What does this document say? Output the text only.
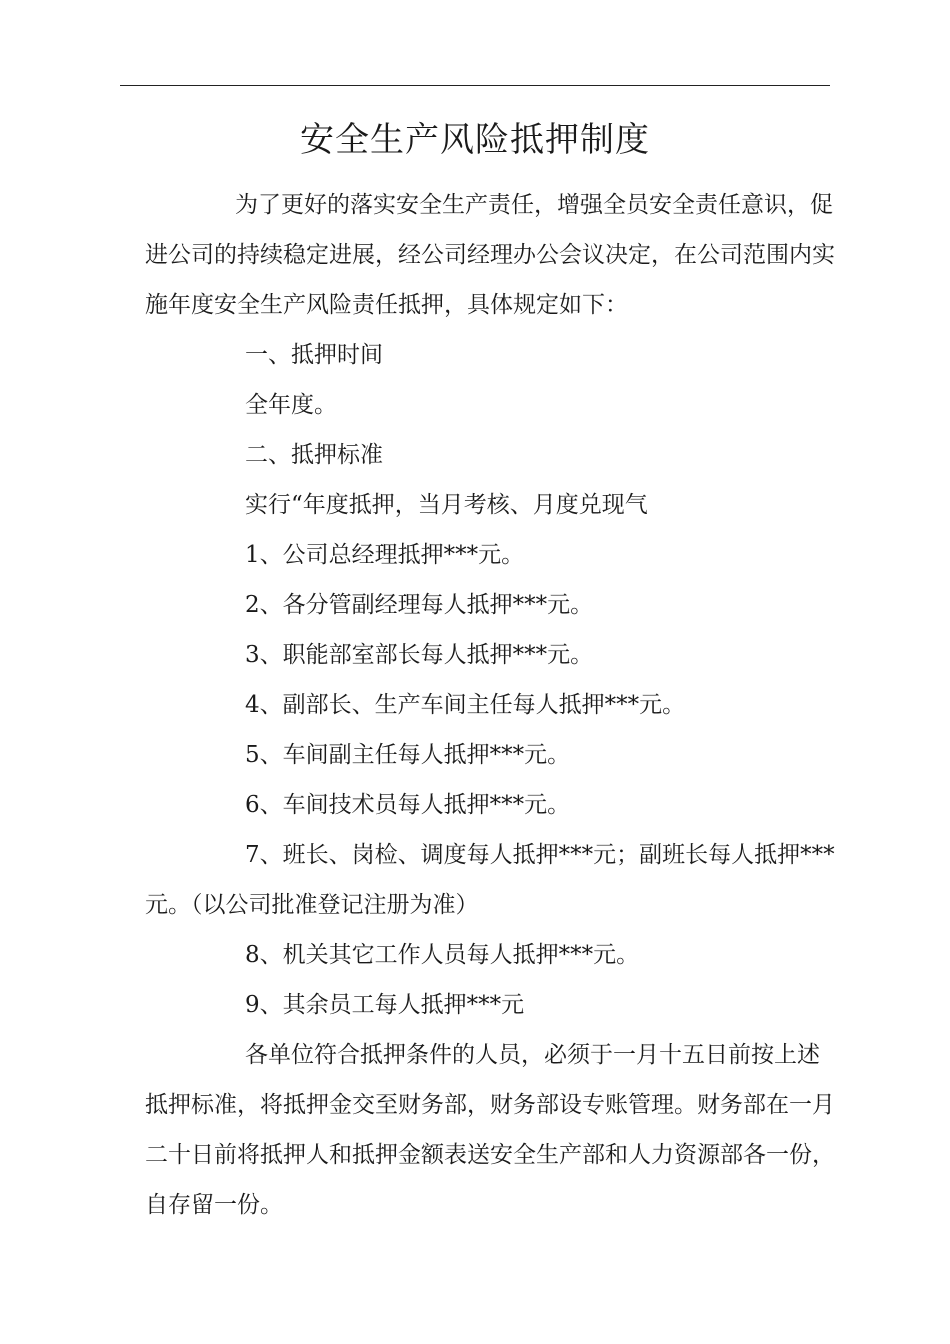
安全生产风险抵押制度

为了更好的落实安全生产责任，增强全员安全责任意识，促进公司的持续稳定进展，经公司经理办公会议决定，在公司范围内实施年度安全生产风险责任抵押，具体规定如下：

一、抵押时间

全年度。

二、抵押标准

实行“年度抵押，当月考核、月度兑现气

1、公司总经理抵押***元。

2、各分管副经理每人抵押***元。

3、职能部室部长每人抵押***元。

4、副部长、生产车间主任每人抵押***元。

5、车间副主任每人抵押***元。

6、车间技术员每人抵押***元。

7、班长、岗检、调度每人抵押***元；副班长每人抵押***元。（以公司批准登记注册为准）

8、机关其它工作人员每人抵押***元。

9、其余员工每人抵押***元

各单位符合抵押条件的人员，必须于一月十五日前按上述抵押标准，将抵押金交至财务部，财务部设专账管理。财务部在一月二十日前将抵押人和抵押金额表送安全生产部和人力资源部各一份，自存留一份。
